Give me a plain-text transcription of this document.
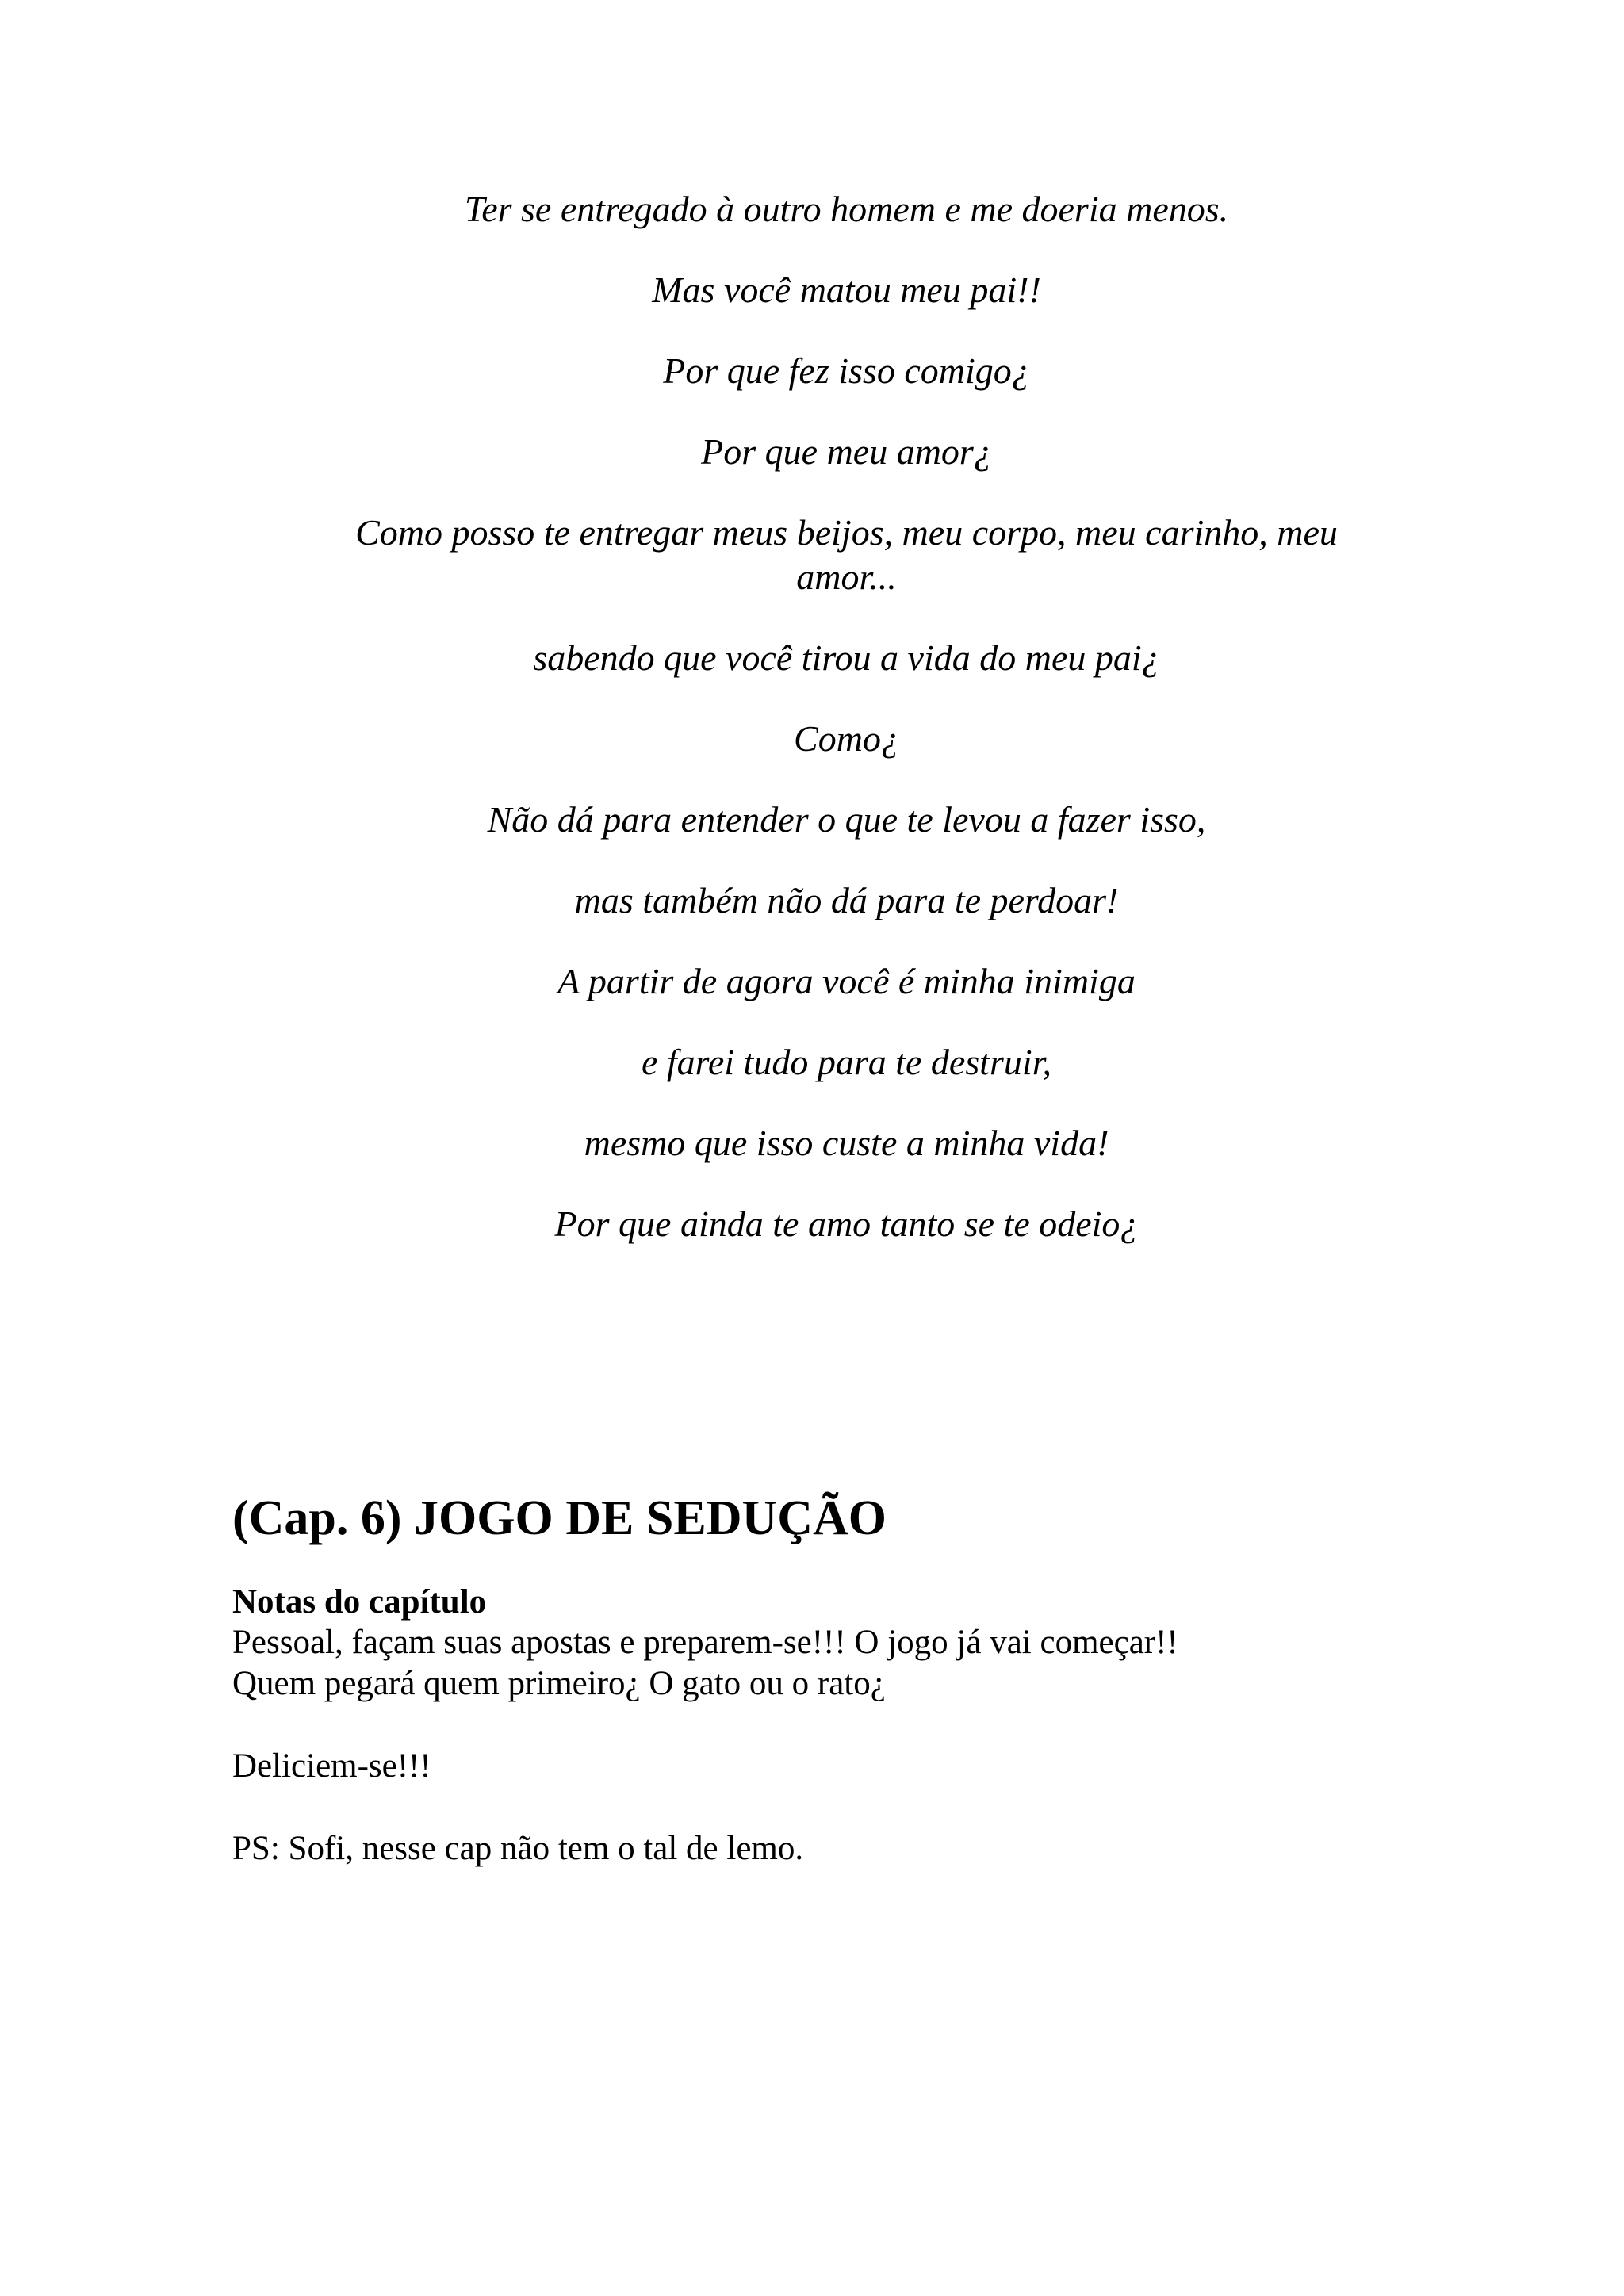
Ter se entregado à outro homem e me doeria menos.

Mas você matou meu pai!!

Por que fez isso comigo¿

Por que meu amor¿

Como posso te entregar meus beijos, meu corpo, meu carinho, meu
amor...

sabendo que você tirou a vida do meu pai¿

Como¿

Não dá para entender o que te levou a fazer isso,

mas também não dá para te perdoar!

A partir de agora você é minha inimiga

e farei tudo para te destruir,

mesmo que isso custe a minha vida!

Por que ainda te amo tanto se te odeio¿

(Cap. 6) JOGO DE SEDUÇÃO
Notas do capítulo

Pessoal, façam suas apostas e preparem-se!!! O jogo já vai começar!!

Quem pegará quem primeiro¿ O gato ou o rato¿

Deliciem-se!!!

PS: Sofi, nesse cap não tem o tal de lemo.
